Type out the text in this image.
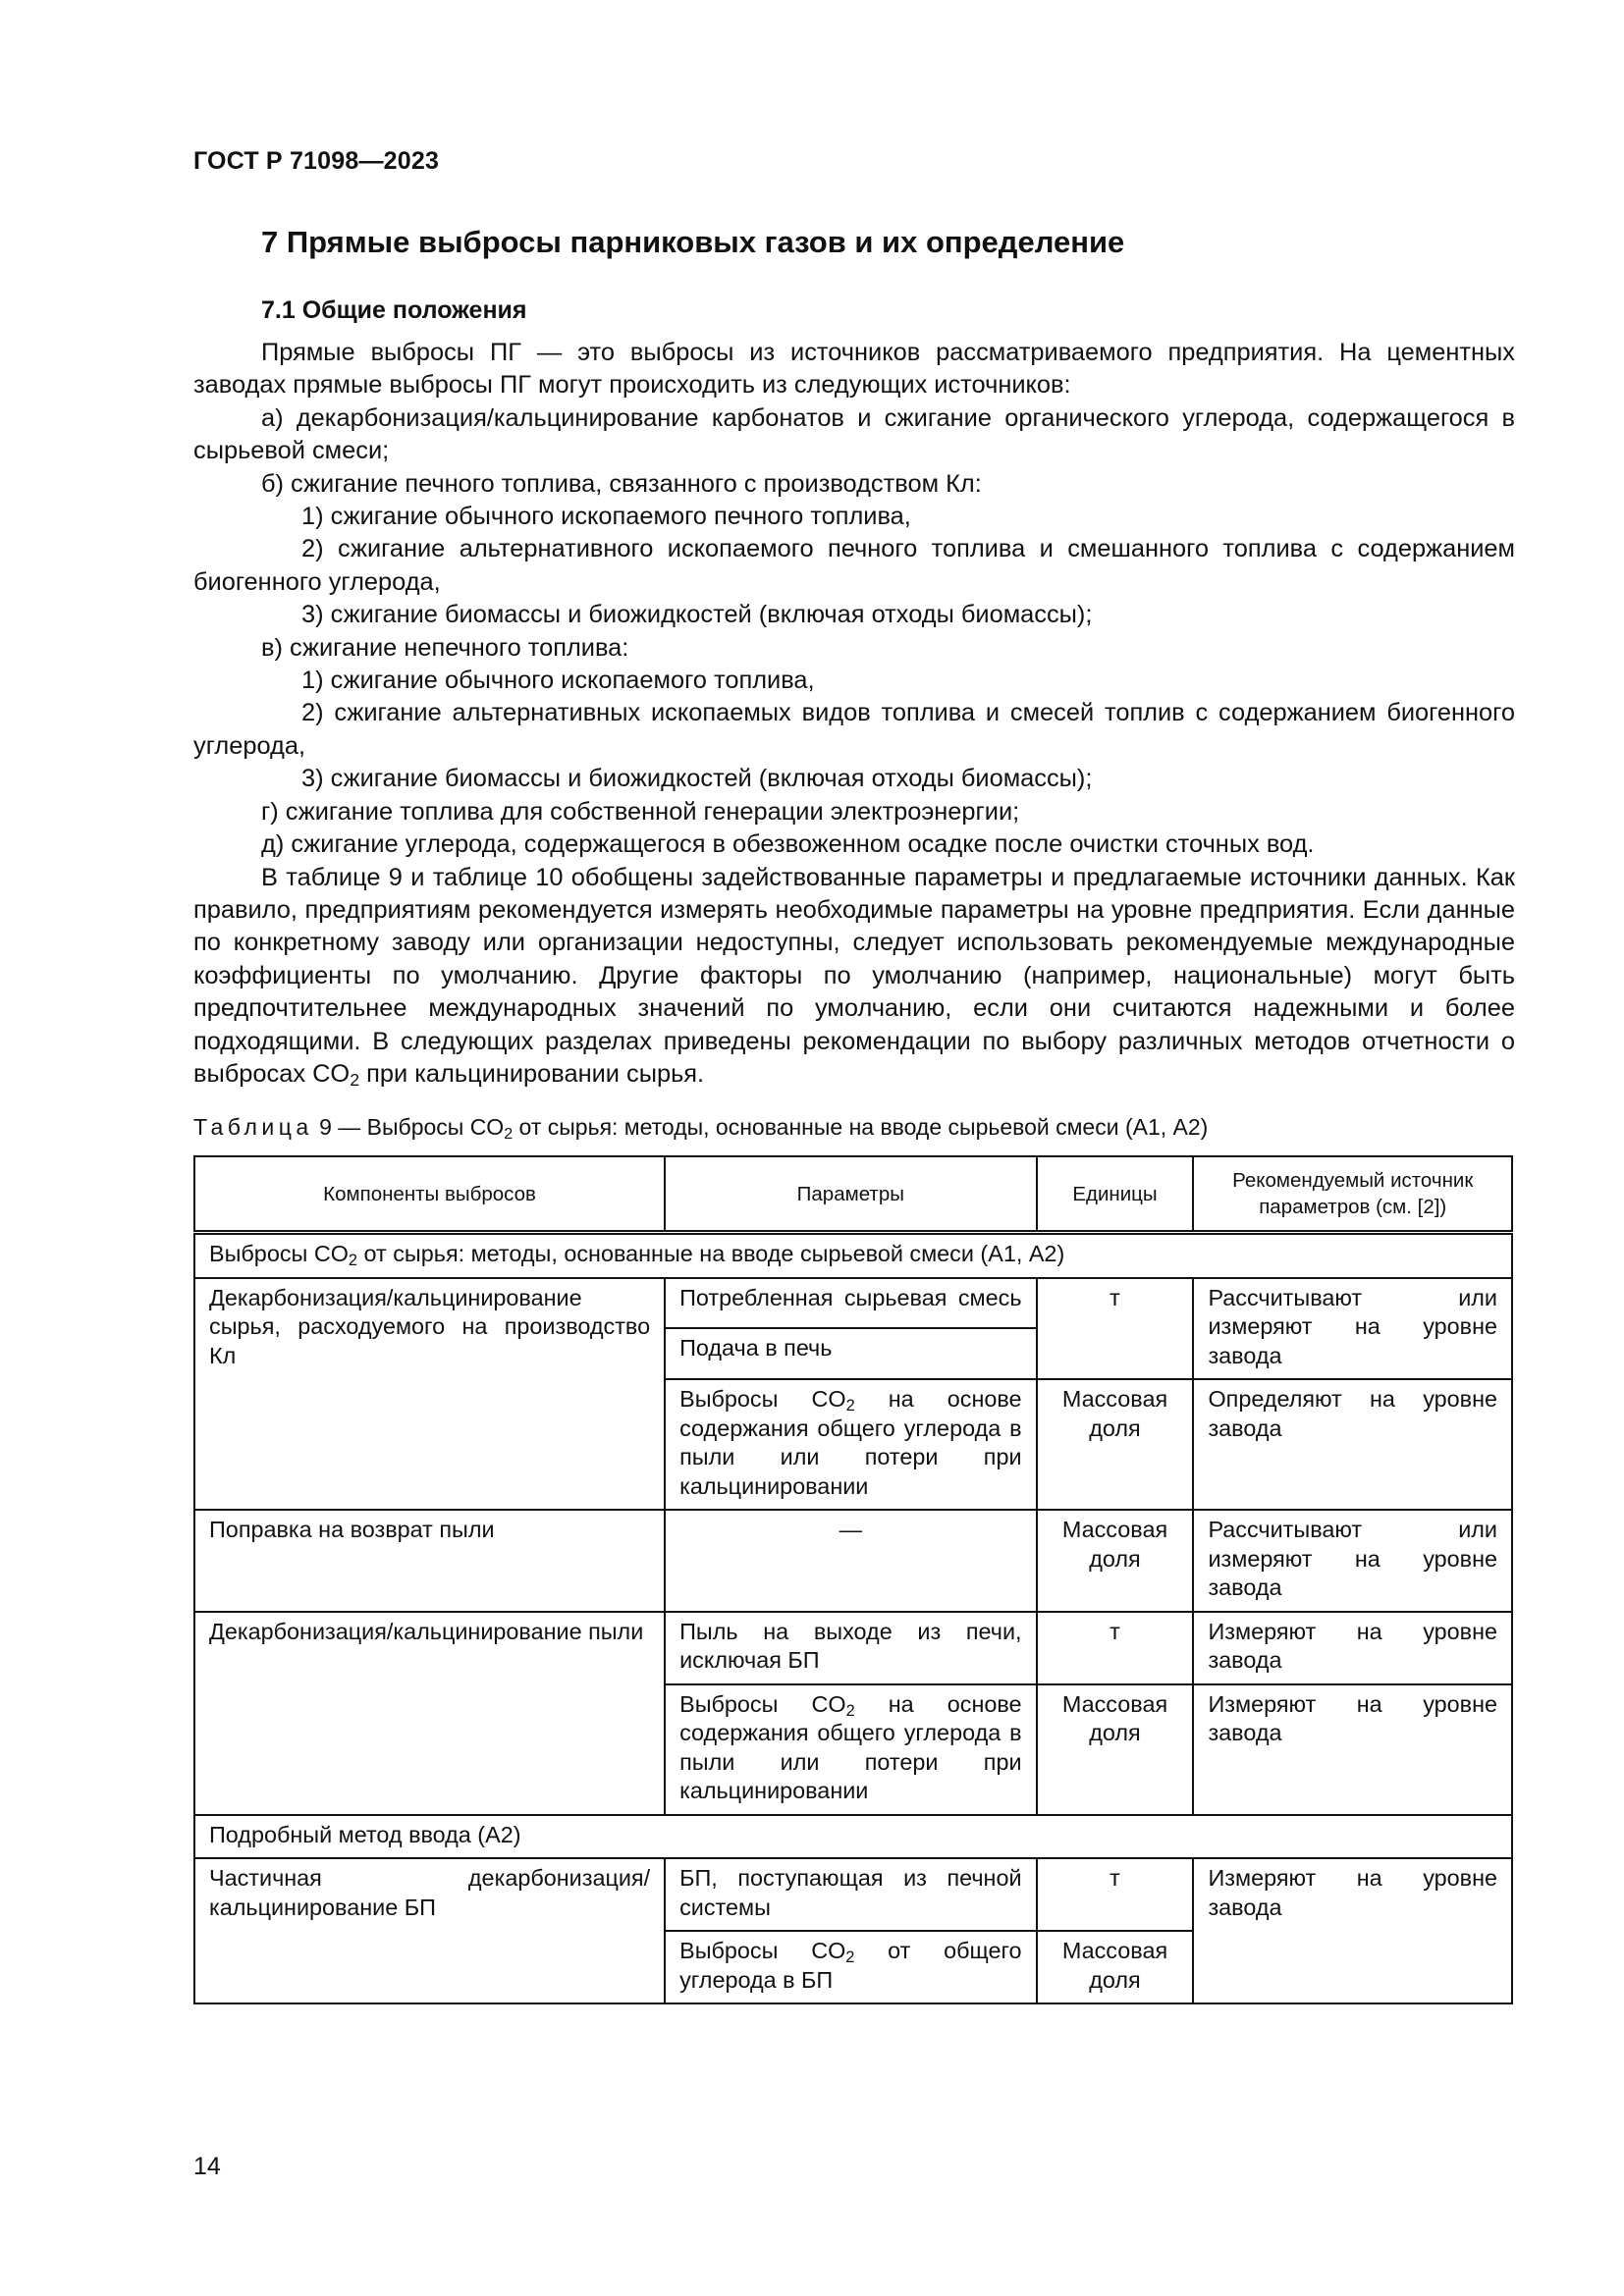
ГОСТ Р 71098—2023
7 Прямые выбросы парниковых газов и их определение
7.1 Общие положения

Прямые выбросы ПГ — это выбросы из источников рассматриваемого предприятия. На цементных заводах прямые выбросы ПГ могут происходить из следующих источников:

а) декарбонизация/кальцинирование карбонатов и сжигание органического углерода, содержащегося в сырьевой смеси;

б) сжигание печного топлива, связанного с производством Кл:

1) сжигание обычного ископаемого печного топлива,

2) сжигание альтернативного ископаемого печного топлива и смешанного топлива с содержанием биогенного углерода,

3) сжигание биомассы и биожидкостей (включая отходы биомассы);

в) сжигание непечного топлива:

1) сжигание обычного ископаемого топлива,

2) сжигание альтернативных ископаемых видов топлива и смесей топлив с содержанием биогенного углерода,

3) сжигание биомассы и биожидкостей (включая отходы биомассы);

г) сжигание топлива для собственной генерации электроэнергии;

д) сжигание углерода, содержащегося в обезвоженном осадке после очистки сточных вод.

В таблице 9 и таблице 10 обобщены задействованные параметры и предлагаемые источники данных. Как правило, предприятиям рекомендуется измерять необходимые параметры на уровне предприятия. Если данные по конкретному заводу или организации недоступны, следует использовать рекомендуемые международные коэффициенты по умолчанию. Другие факторы по умолчанию (например, национальные) могут быть предпочтительнее международных значений по умолчанию, если они считаются надежными и более подходящими. В следующих разделах приведены рекомендации по выбору различных методов отчетности о выбросах $CO_2$ при кальцинировании сырья.

Таблица 9 — Выбросы $CO_2$ от сырья: методы, основанные на вводе сырьевой смеси (А1, А2)
Компоненты выбросов	Параметры	Единицы	Рекомендуемый источник параметров (см. [2])
Выбросы $CO_2$ от сырья: методы, основанные на вводе сырьевой смеси (А1, А2)			
Декарбонизация/кальцинирование сырья, расходуемого на производство Кл	Потребленная сырьевая смесь	т	Рассчитывают или измеряют на уровне завода
	Подача в печь		
	Выбросы $CO_2$ на основе содержания общего углерода в пыли или потери при кальцинировании	Массовая доля	Определяют на уровне завода
Поправка на возврат пыли	—	Массовая доля	Рассчитывают или измеряют на уровне завода
Декарбонизация/кальцинирование пыли	Пыль на выходе из печи, исключая БП	т	Измеряют на уровне завода
	Выбросы $CO_2$ на основе содержания общего углерода в пыли или потери при кальцинировании	Массовая доля	Измеряют на уровне завода
Подробный метод ввода (А2)			
Частичная декарбонизация/кальцинирование БП	БП, поступающая из печной системы	т	Измеряют на уровне завода
	Выбросы $CO_2$ от общего углерода в БП	Массовая доля	
14
